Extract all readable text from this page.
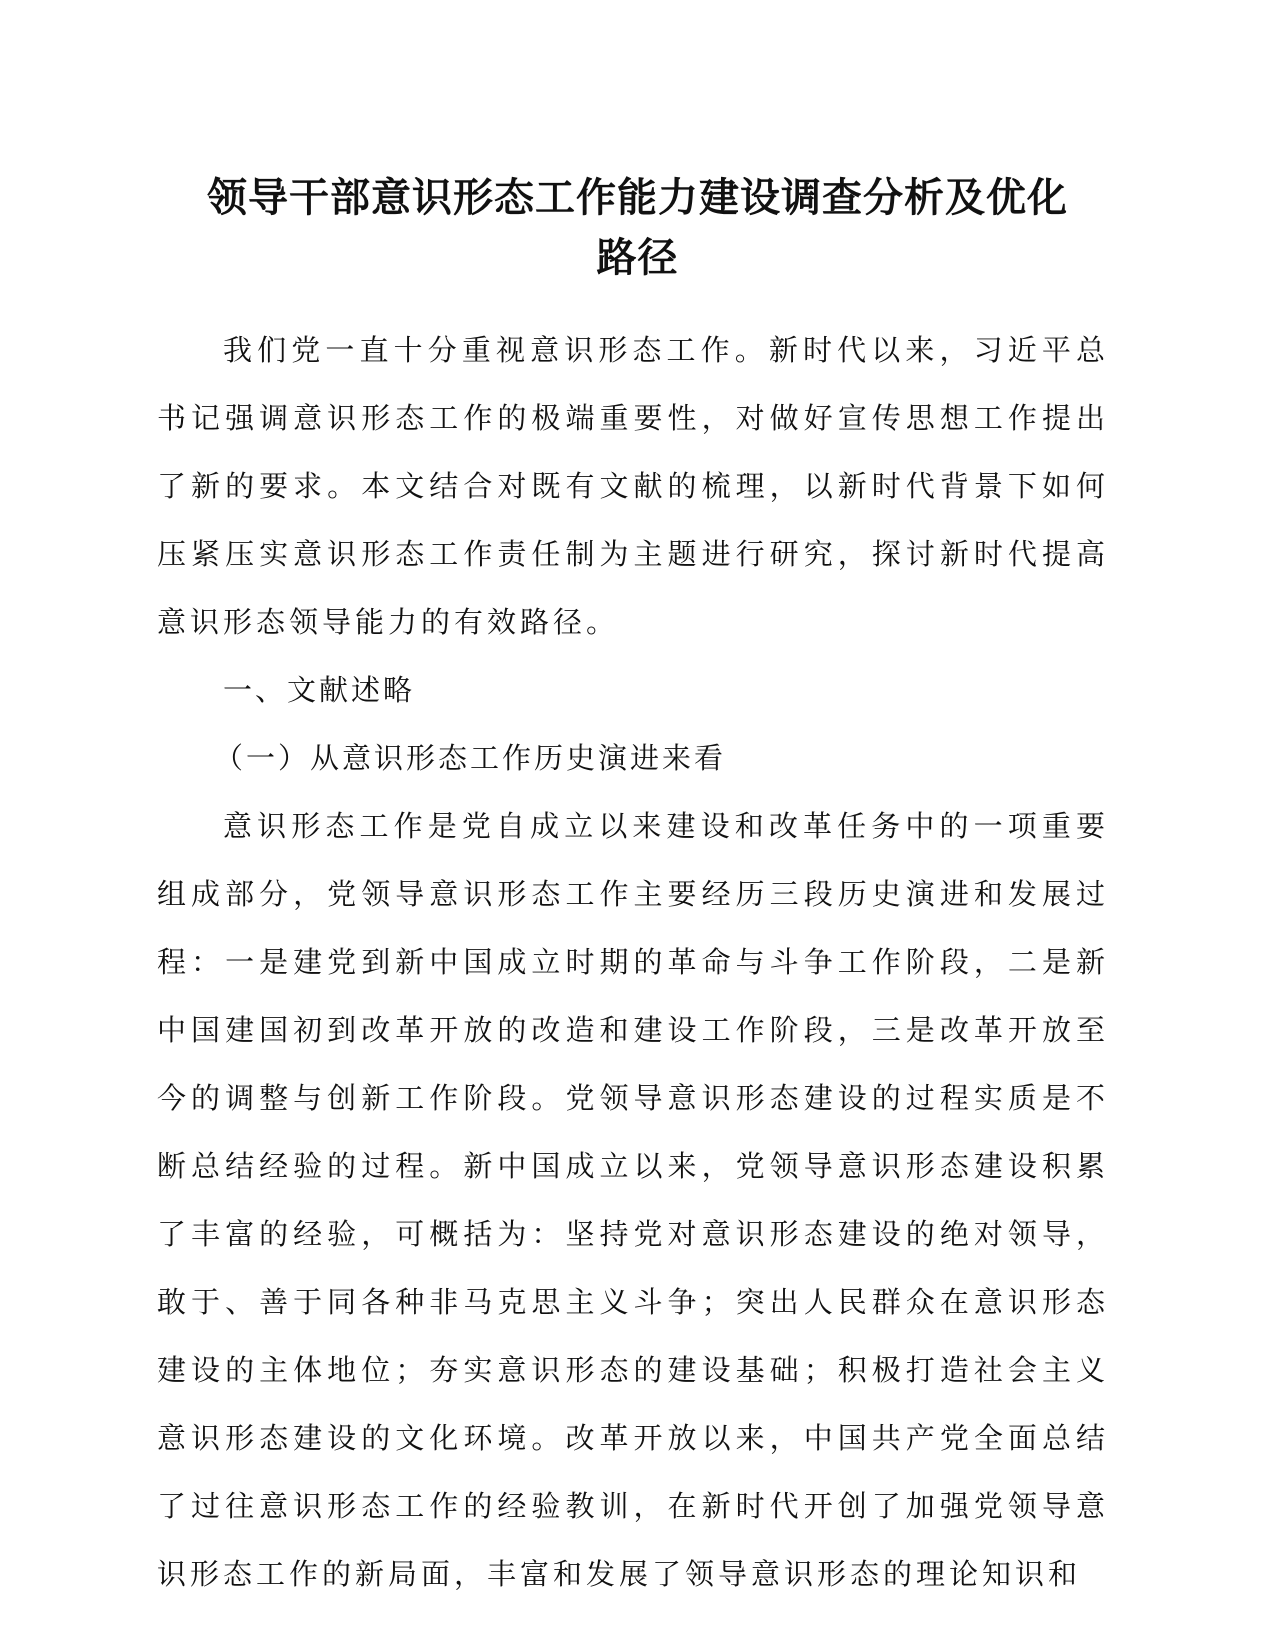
领导干部意识形态工作能力建设调查分析及优化
路径

我们党一直十分重视意识形态工作。新时代以来，习近平总书记强调意识形态工作的极端重要性，对做好宣传思想工作提出了新的要求。本文结合对既有文献的梳理，以新时代背景下如何压紧压实意识形态工作责任制为主题进行研究，探讨新时代提高意识形态领导能力的有效路径。

一、文献述略

（一）从意识形态工作历史演进来看

意识形态工作是党自成立以来建设和改革任务中的一项重要组成部分，党领导意识形态工作主要经历三段历史演进和发展过程：一是建党到新中国成立时期的革命与斗争工作阶段，二是新中国建国初到改革开放的改造和建设工作阶段，三是改革开放至今的调整与创新工作阶段。党领导意识形态建设的过程实质是不断总结经验的过程。新中国成立以来，党领导意识形态建设积累了丰富的经验，可概括为：坚持党对意识形态建设的绝对领导，敢于、善于同各种非马克思主义斗争；突出人民群众在意识形态建设的主体地位；夯实意识形态的建设基础；积极打造社会主义意识形态建设的文化环境。改革开放以来，中国共产党全面总结了过往意识形态工作的经验教训，在新时代开创了加强党领导意识形态工作的新局面，丰富和发展了领导意识形态的理论知识和
